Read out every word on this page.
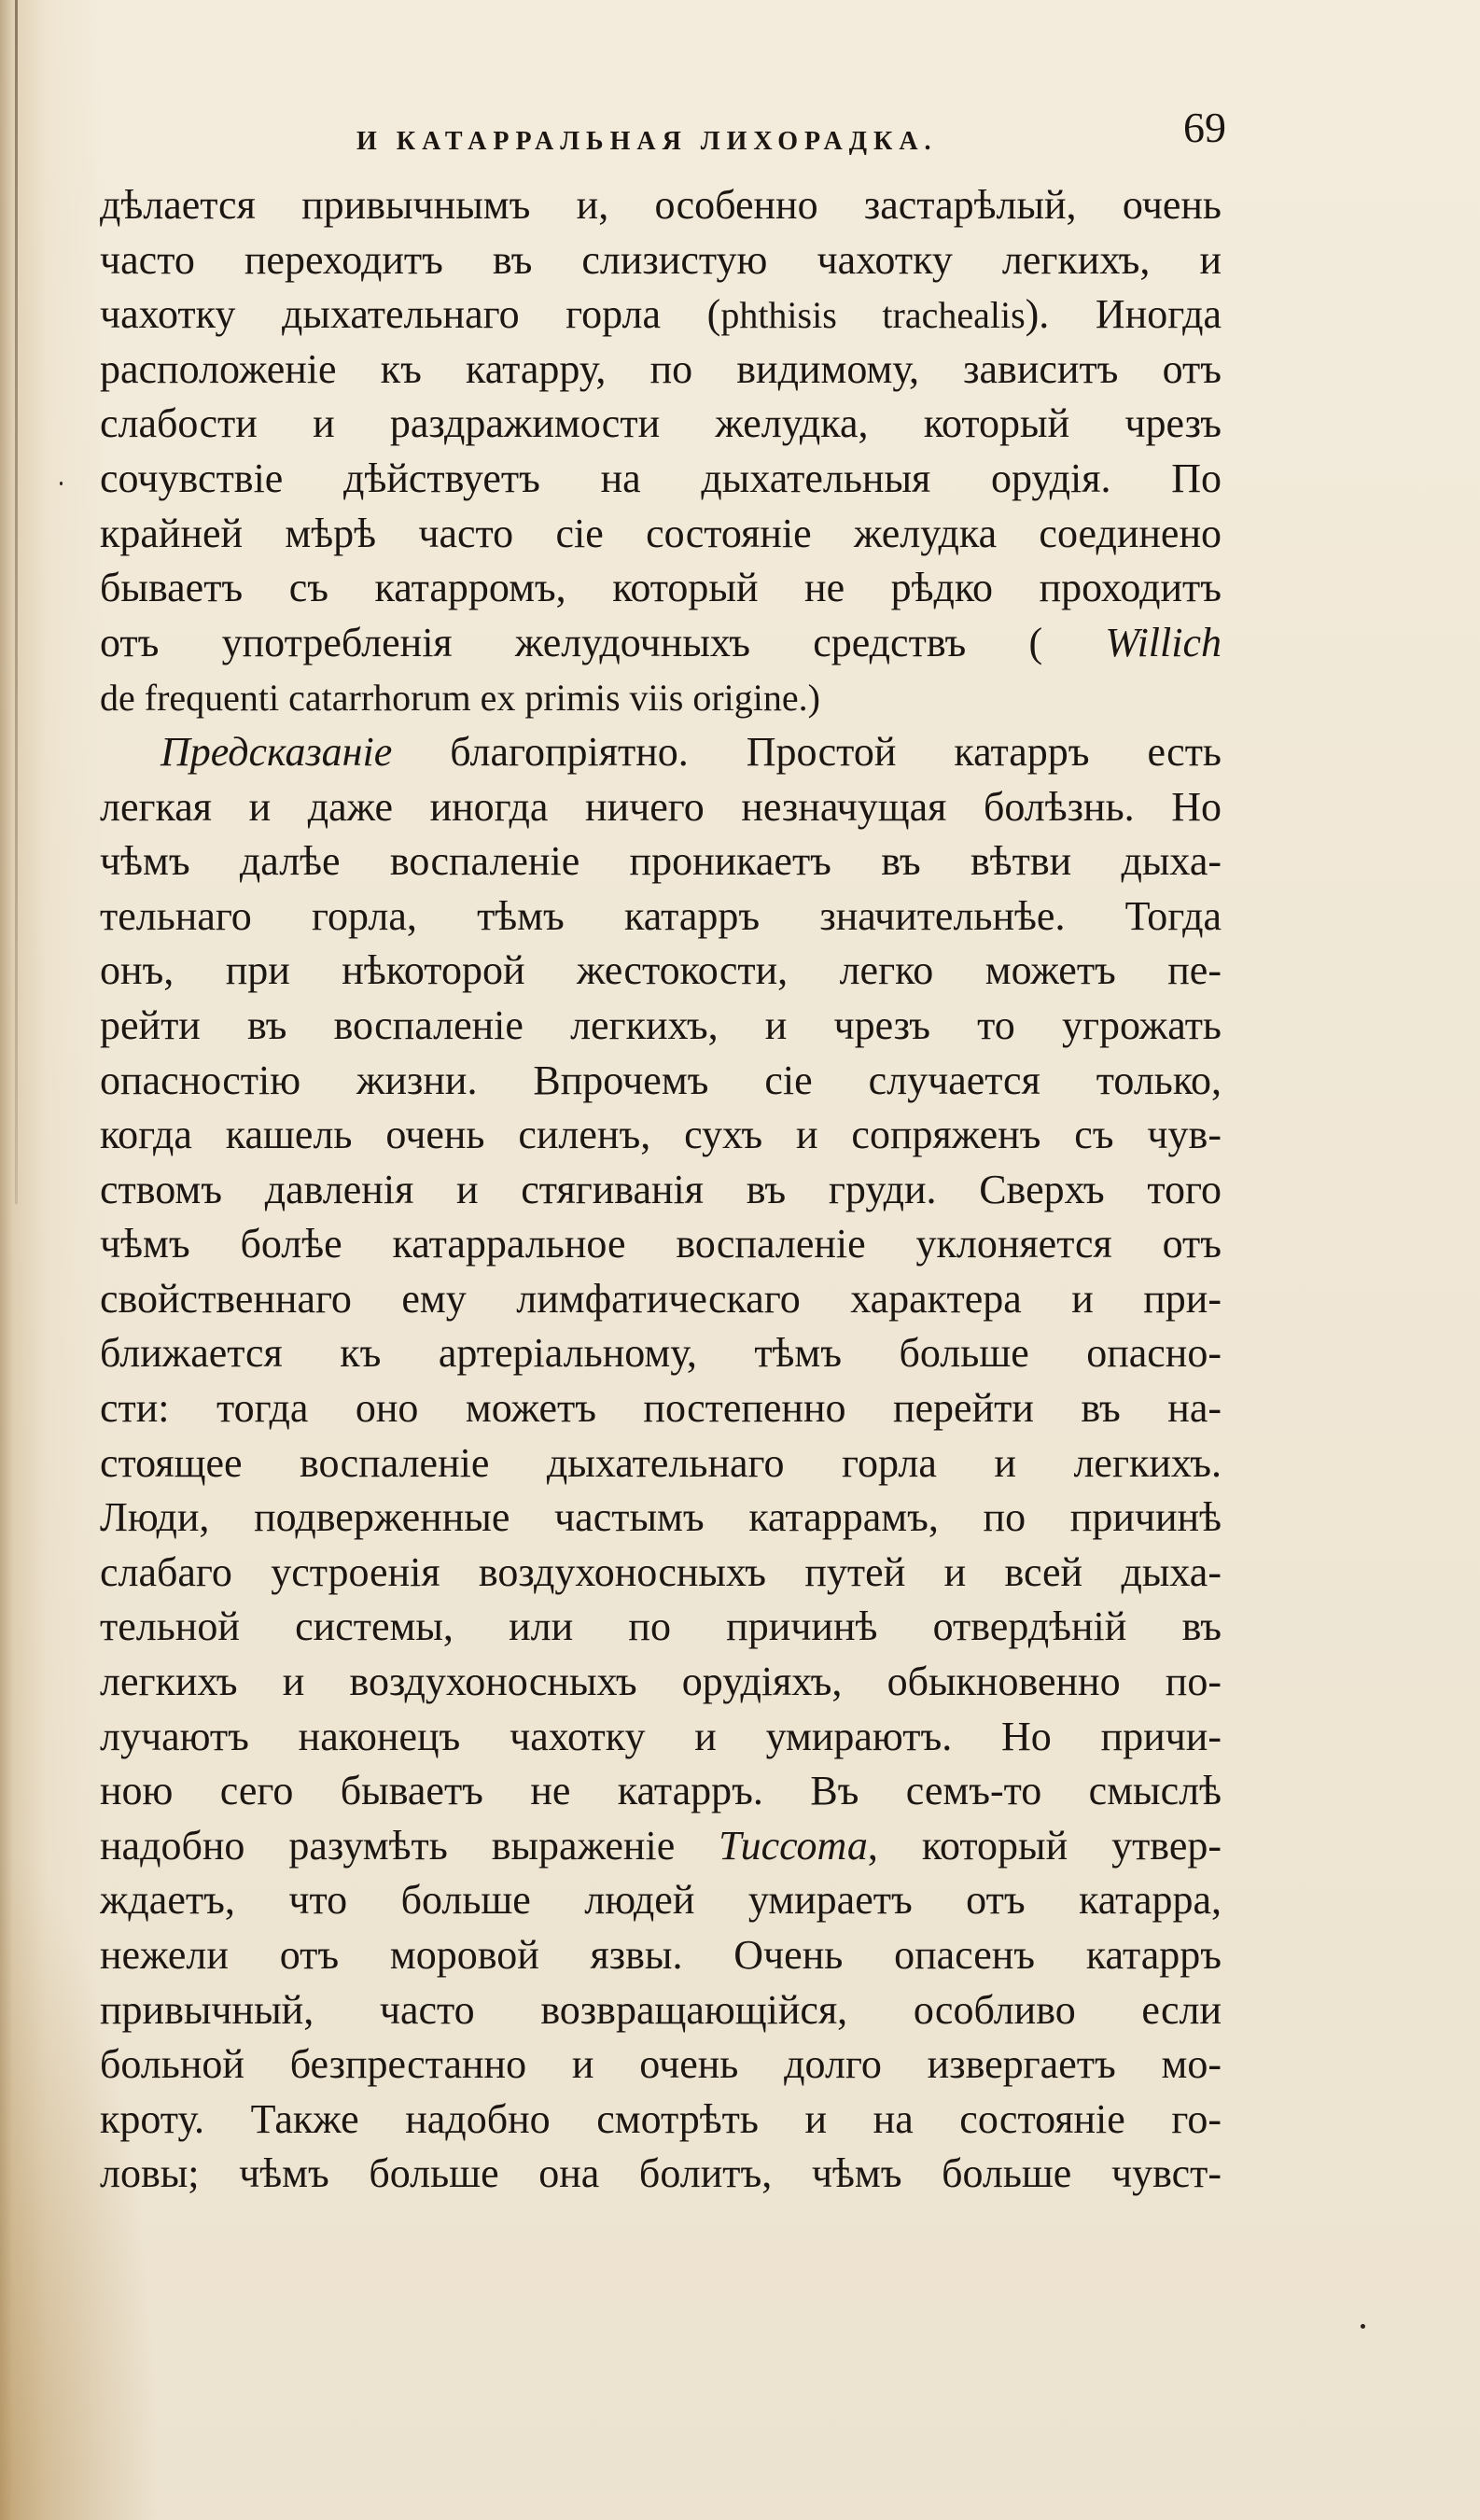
И КАТАРРАЛЬНАЯ ЛИХОРАДКА.	69
дѣлается привычнымъ и, особенно застарѣлый, очень
часто переходитъ въ слизистую чахотку легкихъ, и
чахотку дыхательнаго горла (phthisis trachealis). Иногда
расположеніе къ катарру, по видимому, зависитъ отъ
слабости и раздражимости желудка, который чрезъ
сочувствіе дѣйствуетъ на дыхательныя орудія. По
крайней мѣрѣ часто сіе состояніе желудка соединено
бываетъ съ катарромъ, который не рѣдко проходитъ
отъ употребленія желудочныхъ средствъ ( Willich
de frequenti catarrhorum ex primis viis origine.)
Предсказаніе благопріятно. Простой катарръ есть
легкая и даже иногда ничего незначущая болѣзнь. Но
чѣмъ далѣе воспаленіе проникаетъ въ вѣтви дыха-
тельнаго горла, тѣмъ катарръ значительнѣе. Тогда
онъ, при нѣкоторой жестокости, легко можетъ пе-
рейти въ воспаленіе легкихъ, и чрезъ то угрожать
опасностію жизни. Впрочемъ сіе случается только,
когда кашель очень силенъ, сухъ и сопряженъ съ чув-
ствомъ давленія и стягиванія въ груди. Сверхъ того
чѣмъ болѣе катарральное воспаленіе уклоняется отъ
свойственнаго ему лимфатическаго характера и при-
ближается къ артеріальному, тѣмъ больше опасно-
сти: тогда оно можетъ постепенно перейти въ на-
стоящее воспаленіе дыхательнаго горла и легкихъ.
Люди, подверженные частымъ катаррамъ, по причинѣ
слабаго устроенія воздухоносныхъ путей и всей дыха-
тельной системы, или по причинѣ отвердѣній въ
легкихъ и воздухоносныхъ орудіяхъ, обыкновенно по-
лучаютъ наконецъ чахотку и умираютъ. Но причи-
ною сего бываетъ не катарръ. Въ семъ-то смыслѣ
надобно разумѣть выраженіе Тиссота, который утвер-
ждаетъ, что больше людей умираетъ отъ катарра,
нежели отъ моровой язвы. Очень опасенъ катарръ
привычный, часто возвращающійся, особливо если
больной безпрестанно и очень долго извергаетъ мо-
кроту. Также надобно смотрѣть и на состояніе го-
ловы; чѣмъ больше она болитъ, чѣмъ больше чувст-
